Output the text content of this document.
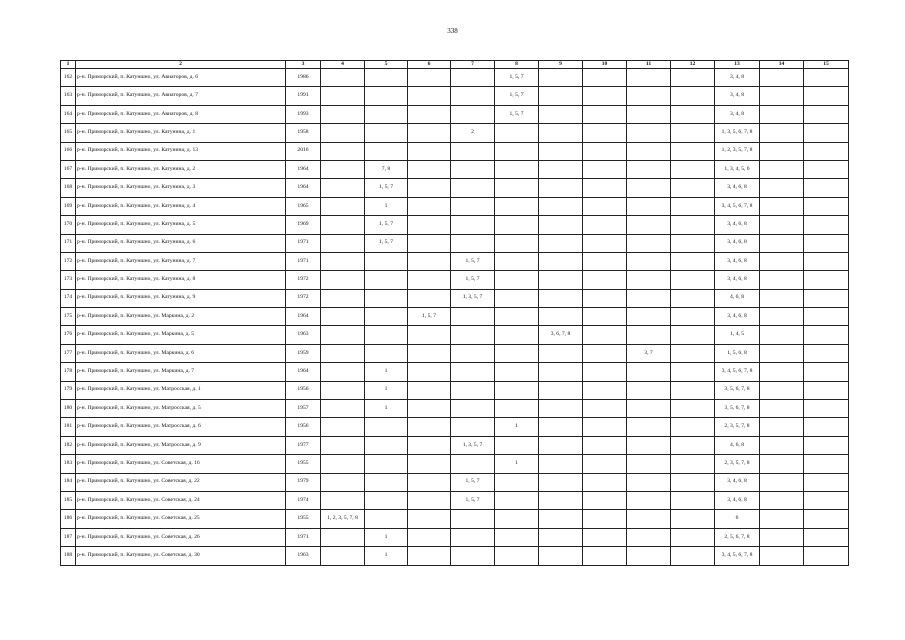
338
1	2	3	4	5	6	7	8	9	10	11	12	13	14	15
162	р-н. Приморский, п. Катуншно, ул. Авиаторов, д. 6	1986					1, 5, 7					3, 4, 8		
163	р-н. Приморский, п. Катуншно, ул. Авиаторов, д. 7	1991					1, 5, 7					3, 4, 8		
164	р-н. Приморский, п. Катуншно, ул. Авиаторов, д. 8	1993					1, 5, 7					3, 4, 8		
165	р-н. Приморский, п. Катуншно, ул. Катунина, д. 1	1958				2						1, 3, 5, 6, 7, 8		
166	р-н. Приморский, п. Катуншно, ул. Катунина, д. 13	2016										1, 2, 3, 5, 7, 8		
167	р-н. Приморский, п. Катуншно, ул. Катунина, д. 2	1964		7, 8								1, 3, 4, 5, 6		
168	р-н. Приморский, п. Катуншно, ул. Катунина, д. 3	1964		1, 5, 7								3, 4, 6, 8		
169	р-н. Приморский, п. Катуншно, ул. Катунина, д. 4	1965		1								3, 4, 5, 6, 7, 8		
170	р-н. Приморский, п. Катуншно, ул. Катунина, д. 5	1969		1, 5, 7								3, 4, 6, 8		
171	р-н. Приморский, п. Катуншно, ул. Катунина, д. 6	1971		1, 5, 7								3, 4, 6, 8		
172	р-н. Приморский, п. Катуншно, ул. Катунина, д. 7	1971				1, 5, 7						3, 4, 6, 8		
173	р-н. Приморский, п. Катуншно, ул. Катунина, д. 8	1972				1, 5, 7						3, 4, 6, 8		
174	р-н. Приморский, п. Катуншно, ул. Катунина, д. 9	1972				1, 3, 5, 7						4, 6, 8		
175	р-н. Приморский, п. Катуншно, ул. Маркина, д. 2	1964			1, 5, 7							3, 4, 6, 8		
176	р-н. Приморский, п. Катуншно, ул. Маркина, д. 5	1963						3, 6, 7, 8				1, 4, 5		
177	р-н. Приморский, п. Катуншно, ул. Маркина, д. 6	1959								3, 7		1, 5, 6, 8		
178	р-н. Приморский, п. Катуншно, ул. Маркина, д. 7	1964		1								3, 4, 5, 6, 7, 8		
179	р-н. Приморский, п. Катуншно, ул. Матросская, д. 1	1956		1								3, 5, 6, 7, 8		
180	р-н. Приморский, п. Катуншно, ул. Матросская, д. 5	1957		1								3, 5, 6, 7, 8		
181	р-н. Приморский, п. Катуншно, ул. Матросская, д. 6	1956					1					2, 3, 5, 7, 8		
182	р-н. Приморский, п. Катуншно, ул. Матросская, д. 9	1977				1, 3, 5, 7						4, 6, 8		
183	р-н. Приморский, п. Катуншно, ул. Советская, д. 16	1955					1					2, 3, 5, 7, 8		
184	р-н. Приморский, п. Катуншно, ул. Советская, д. 22	1979				1, 5, 7						3, 4, 6, 8		
185	р-н. Приморский, п. Катуншно, ул. Советская, д. 24	1974				1, 5, 7						3, 4, 6, 8		
186	р-н. Приморский, п. Катуншно, ул. Советская, д. 25	1955	1, 2, 3, 5, 7, 8									6		
187	р-н. Приморский, п. Катуншно, ул. Советская, д. 26	1971		1								2, 5, 6, 7, 8		
188	р-н. Приморский, п. Катуншно, ул. Советская, д. 30	1963		1								3, 4, 5, 6, 7, 8		
